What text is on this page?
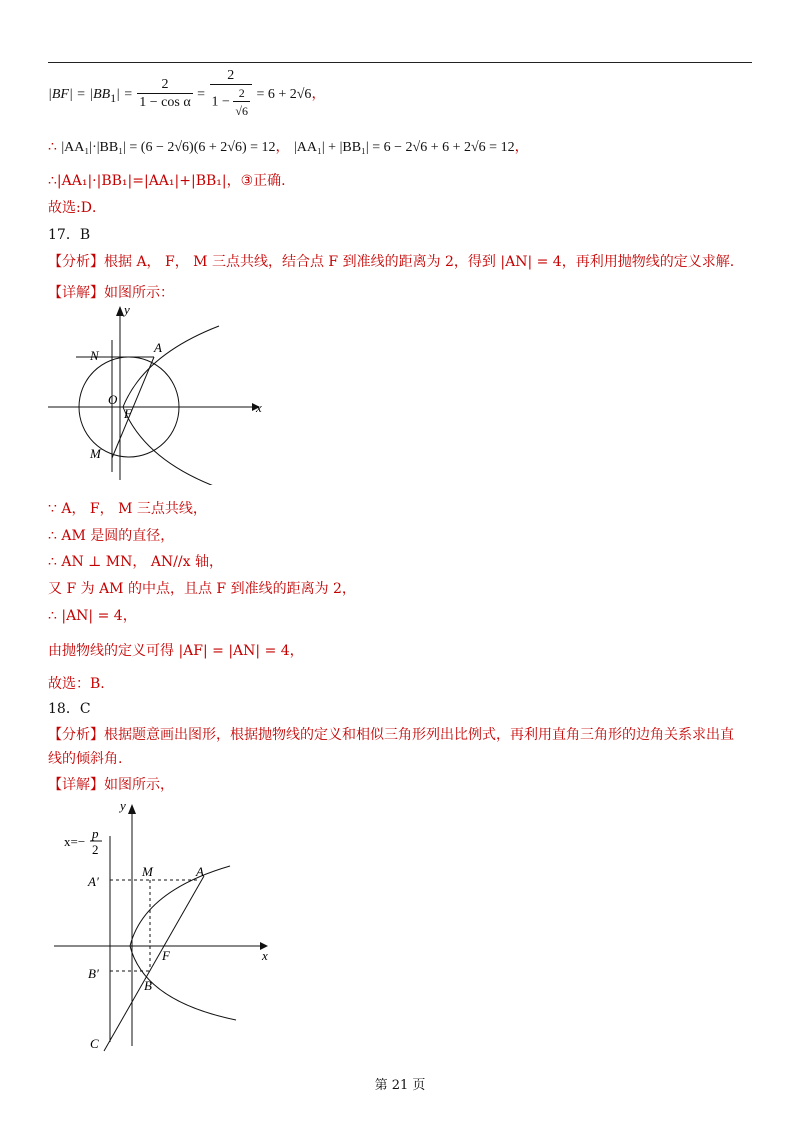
$|BF| = |BB_1| = \frac{2}{\text{1 − cos α}} = \frac{2}{1 - \frac{2}{√6}} = 6 + 2√6$，
∴ |AA₁|·|BB₁| = (6 − 2√6)(6 + 2√6) = 12， |AA₁| + |BB₁| = 6 − 2√6 + 6 + 2√6 = 12，
∴|AA₁|·|BB₁|=|AA₁|+|BB₁|，③正确.
故选:D．
17．B
【分析】根据 A， F， M 三点共线，结合点 F 到准线的距离为 2，得到 |AN| = 4，再利用抛物线的定义求解.
【详解】如图所示：
y
x
N
A
O
F
M
∵ A， F， M 三点共线，
∴ AM 是圆的直径，
∴ AN ⊥ MN， AN//x 轴，
又 F 为 AM 的中点，且点 F 到准线的距离为 2，
∴ |AN| = 4，
由抛物线的定义可得 |AF| = |AN| = 4，
故选：B.
18．C
【分析】根据题意画出图形，根据抛物线的定义和相似三角形列出比例式，再利用直角三角形的边角关系求出直
线的倾斜角.
【详解】如图所示，
y
x
x=−
p
2
M	A
A′
F
B′
B
C
第 21 页
